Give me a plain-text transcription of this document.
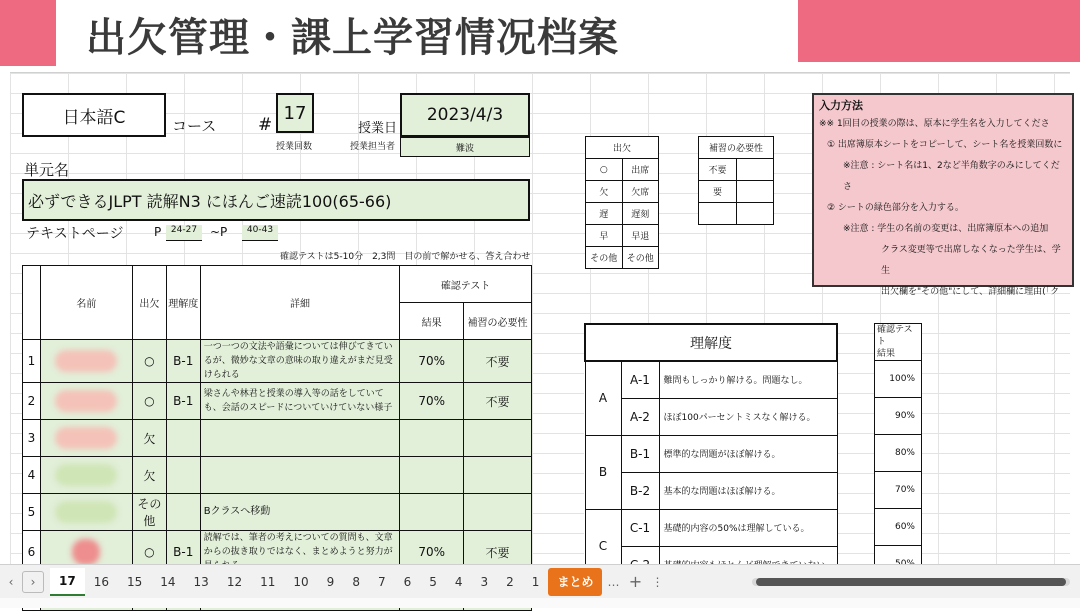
出欠管理・課上学習情况档案
日本語C	コース #
17
授業回数
授業日
2023/4/3
授業担当者	難波
単元名
必ずできるJLPT 読解N3 にほんご速読100(65-66)
テキストページ	P	24-27	~P	40-43
確認テストは5-10分　2,3問　目の前で解かせる、答え合わせ
	名前	出欠	理解度	詳細	確認テスト	
					結果	補習の必要性
1		○	B-1	一つ一つの文法や語彙については伸びてきているが、微妙な文章の意味の取り違えがまだ見受けられる	70%	不要
2		○	B-1	梁さんや林君と授業の導入等の話をしていても、会話のスピードについていけていない様子	70%	不要
3		欠				
4		欠				
5		その他		Bクラスへ移動		
6		○	B-1	読解では、筆者の考えについての質問も、文章からの抜き取りではなく、まとめようと努力が	70%	不要

出欠	
○	出席
欠	欠席
遅	遅刻
早	早退
その他	その他
補習の必要性	
不要	
要	

入力方法
※※ 1回目の授業の際は、原本に学生名を入力してくださ
① 出席簿原本シートをコピーして、シート名を授業回数に
※注意 : シート名は1、2など半角数字のみにしてくださ
② シートの緑色部分を入力する。
※注意 : 学生の名前の変更は、出席簿原本への追加
クラス変更等で出席しなくなった学生は、学生
出欠欄を"その他"にして、詳細欄に理由(「ク
理解度		
A	A-1	難問もしっかり解ける。問題なし。
	A-2	ほぼ100パーセントミスなく解ける。
B	B-1	標準的な問題がほぼ解ける。
	B-2	基本的な問題はほぼ解ける。
C	C-1	基礎的内容の50%は理解している。

確認テスト
結果
100%
90%
80%
70%
60%

‹	›	17	16	15	14	13	12	11	10	9	8	7	6	5	4	3	2	1	まとめ	… + ⋮
